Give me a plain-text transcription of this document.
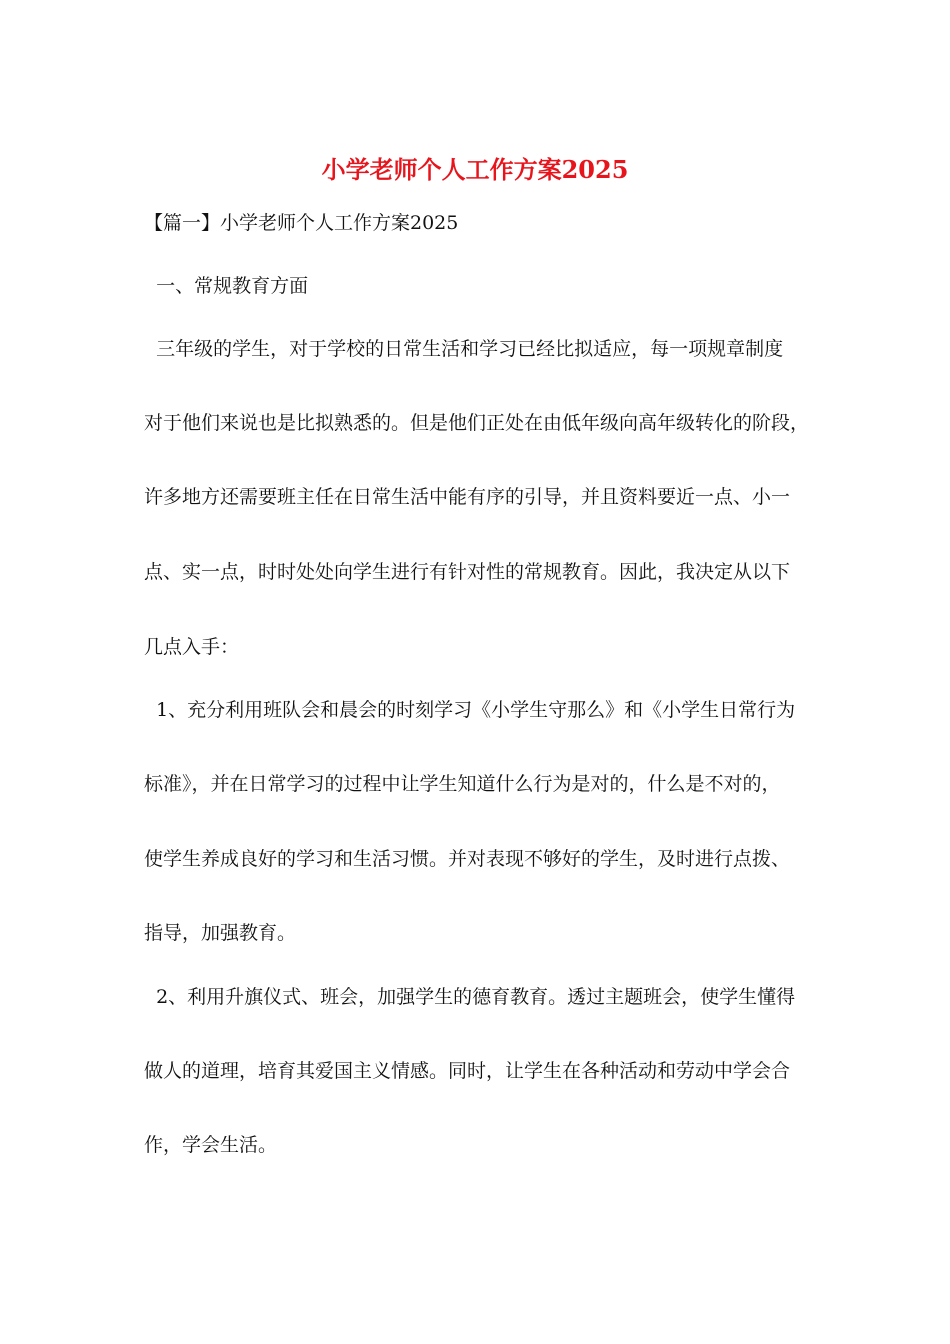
小学老师个人工作方案2025
【篇一】小学老师个人工作方案2025
一、常规教育方面
三年级的学生，对于学校的日常生活和学习已经比拟适应，每一项规章制度
对于他们来说也是比拟熟悉的。但是他们正处在由低年级向高年级转化的阶段，
许多地方还需要班主任在日常生活中能有序的引导，并且资料要近一点、小一
点、实一点，时时处处向学生进行有针对性的常规教育。因此，我决定从以下
几点入手：
1、充分利用班队会和晨会的时刻学习《小学生守那么》和《小学生日常行为
标准》，并在日常学习的过程中让学生知道什么行为是对的，什么是不对的，
使学生养成良好的学习和生活习惯。并对表现不够好的学生，及时进行点拨、
指导，加强教育。
2、利用升旗仪式、班会，加强学生的德育教育。透过主题班会，使学生懂得
做人的道理，培育其爱国主义情感。同时，让学生在各种活动和劳动中学会合
作，学会生活。
